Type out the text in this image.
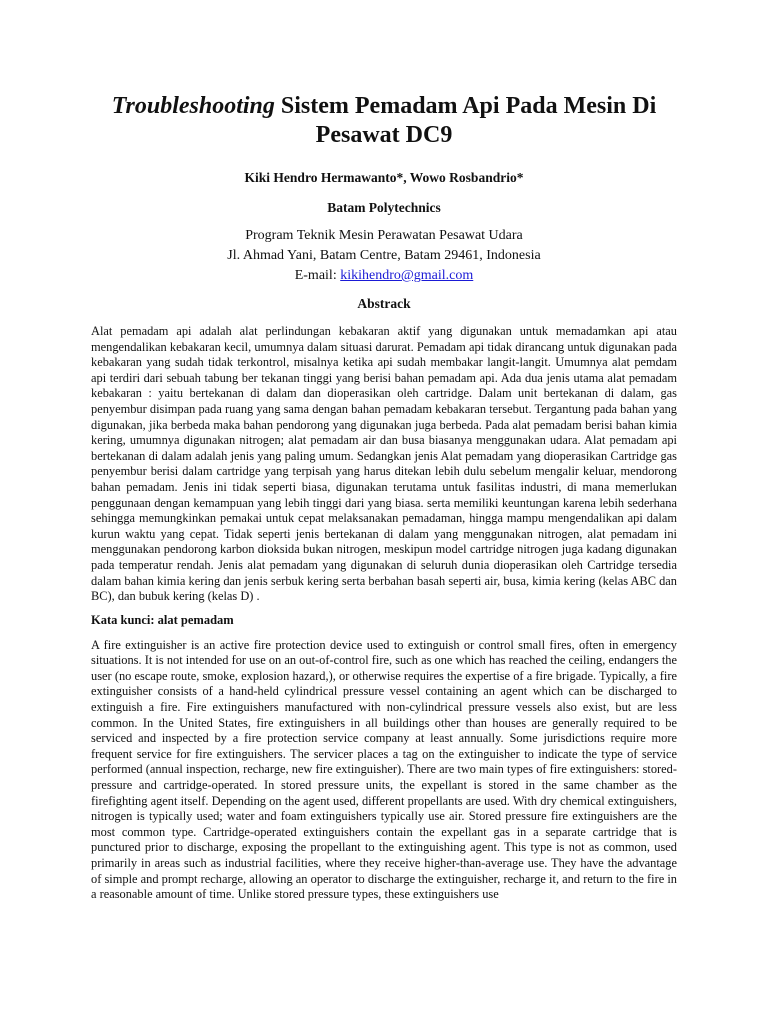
Troubleshooting Sistem Pemadam Api Pada Mesin Di
Pesawat DC9
Kiki Hendro Hermawanto*, Wowo Rosbandrio*
Batam Polytechnics
Program Teknik Mesin Perawatan Pesawat Udara
Jl. Ahmad Yani, Batam Centre, Batam 29461, Indonesia
E-mail: kikihendro@gmail.com
Abstrack

Alat pemadam api adalah alat perlindungan kebakaran aktif yang digunakan untuk memadamkan api atau mengendalikan kebakaran kecil, umumnya dalam situasi darurat. Pemadam api tidak dirancang untuk digunakan pada kebakaran yang sudah tidak terkontrol, misalnya ketika api sudah membakar langit-langit. Umumnya alat pemdam api terdiri dari sebuah tabung ber tekanan tinggi yang berisi bahan pemadam api. Ada dua jenis utama alat pemadam kebakaran : yaitu bertekanan di dalam dan dioperasikan oleh cartridge. Dalam unit bertekanan di dalam, gas penyembur disimpan pada ruang yang sama dengan bahan pemadam kebakaran tersebut. Tergantung pada bahan yang digunakan, jika berbeda maka bahan pendorong yang digunakan juga berbeda. Pada alat pemadam berisi bahan kimia kering, umumnya digunakan nitrogen; alat pemadam air dan busa biasanya menggunakan udara. Alat pemadam api bertekanan di dalam adalah jenis yang paling umum. Sedangkan jenis Alat pemadam yang dioperasikan Cartridge gas penyembur berisi dalam cartridge yang terpisah yang harus ditekan lebih dulu sebelum mengalir keluar, mendorong bahan pemadam. Jenis ini tidak seperti biasa, digunakan terutama untuk fasilitas industri, di mana memerlukan penggunaan dengan kemampuan yang lebih tinggi dari yang biasa. serta memiliki keuntungan karena lebih sederhana sehingga memungkinkan pemakai untuk cepat melaksanakan pemadaman, hingga mampu mengendalikan api dalam kurun waktu yang cepat. Tidak seperti jenis bertekanan di dalam yang menggunakan nitrogen, alat pemadam ini menggunakan pendorong karbon dioksida bukan nitrogen, meskipun model cartridge nitrogen juga kadang digunakan pada temperatur rendah. Jenis alat pemadam yang digunakan di seluruh dunia dioperasikan oleh Cartridge tersedia dalam bahan kimia kering dan jenis serbuk kering serta berbahan basah seperti air, busa, kimia kering (kelas ABC dan BC), dan bubuk kering (kelas D) .

Kata kunci: alat pemadam

A fire extinguisher is an active fire protection device used to extinguish or control small fires, often in emergency situations. It is not intended for use on an out-of-control fire, such as one which has reached the ceiling, endangers the user (no escape route, smoke, explosion hazard,), or otherwise requires the expertise of a fire brigade. Typically, a fire extinguisher consists of a hand-held cylindrical pressure vessel containing an agent which can be discharged to extinguish a fire. Fire extinguishers manufactured with non-cylindrical pressure vessels also exist, but are less common. In the United States, fire extinguishers in all buildings other than houses are generally required to be serviced and inspected by a fire protection service company at least annually. Some jurisdictions require more frequent service for fire extinguishers. The servicer places a tag on the extinguisher to indicate the type of service performed (annual inspection, recharge, new fire extinguisher). There are two main types of fire extinguishers: stored-pressure and cartridge-operated. In stored pressure units, the expellant is stored in the same chamber as the firefighting agent itself. Depending on the agent used, different propellants are used. With dry chemical extinguishers, nitrogen is typically used; water and foam extinguishers typically use air. Stored pressure fire extinguishers are the most common type. Cartridge-operated extinguishers contain the expellant gas in a separate cartridge that is punctured prior to discharge, exposing the propellant to the extinguishing agent. This type is not as common, used primarily in areas such as industrial facilities, where they receive higher-than-average use. They have the advantage of simple and prompt recharge, allowing an operator to discharge the extinguisher, recharge it, and return to the fire in a reasonable amount of time. Unlike stored pressure types, these extinguishers use
